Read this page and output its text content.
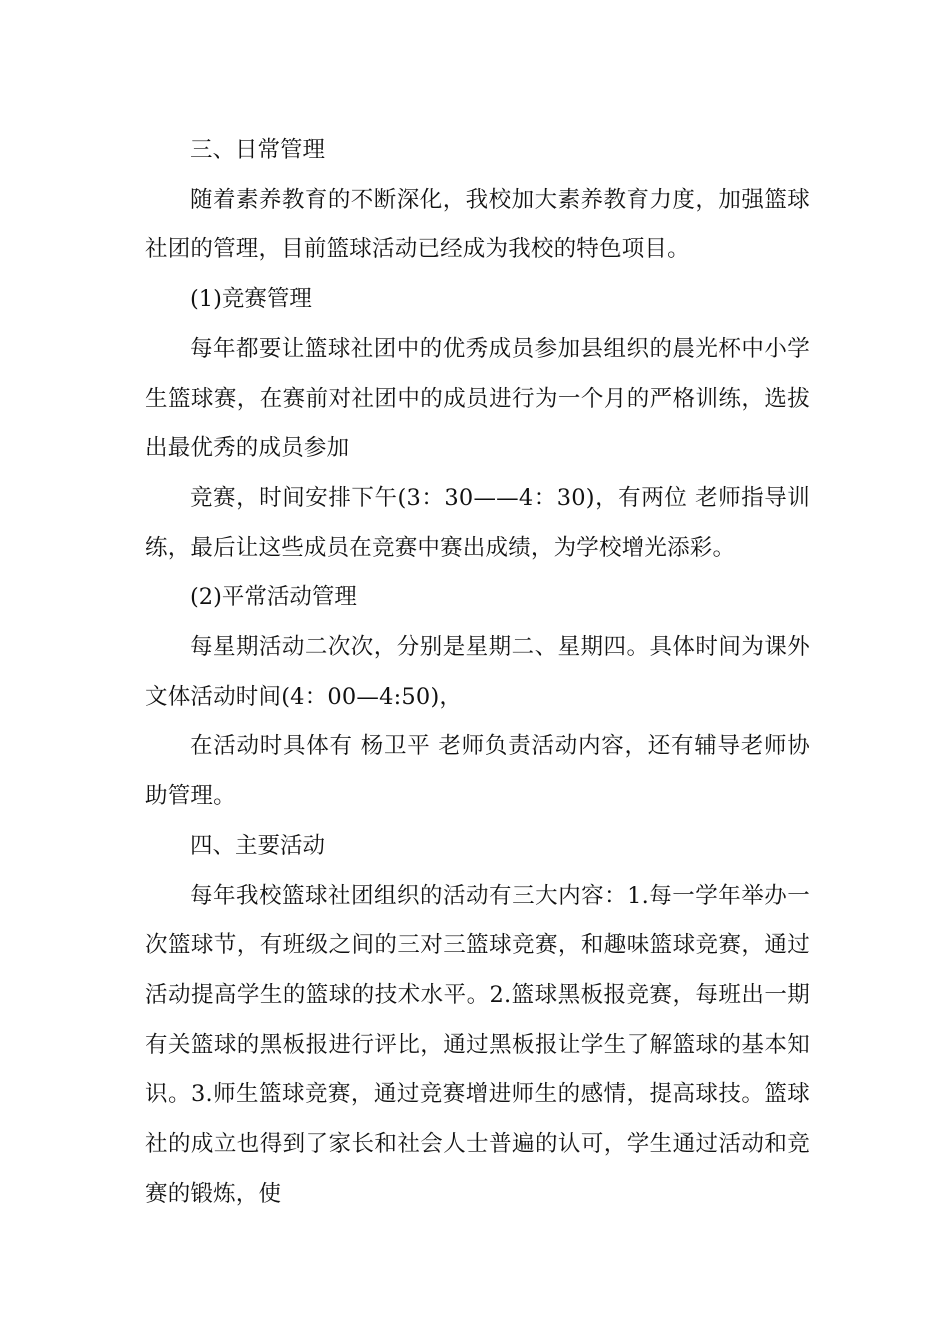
三、日常管理

随着素养教育的不断深化，我校加大素养教育力度，加强篮球社团的管理，目前篮球活动已经成为我校的特色项目。

(1)竞赛管理

每年都要让篮球社团中的优秀成员参加县组织的晨光杯中小学生篮球赛，在赛前对社团中的成员进行为一个月的严格训练，选拔出最优秀的成员参加

竞赛，时间安排下午(3：30——4：30)，有两位 老师指导训练，最后让这些成员在竞赛中赛出成绩，为学校增光添彩。

(2)平常活动管理

每星期活动二次次，分别是星期二、星期四。具体时间为课外文体活动时间(4：00—4:50)，

在活动时具体有 杨卫平 老师负责活动内容，还有辅导老师协助管理。

四、主要活动

每年我校篮球社团组织的活动有三大内容：1.每一学年举办一次篮球节，有班级之间的三对三篮球竞赛，和趣味篮球竞赛，通过活动提高学生的篮球的技术水平。2.篮球黑板报竞赛，每班出一期有关篮球的黑板报进行评比，通过黑板报让学生了解篮球的基本知识。3.师生篮球竞赛，通过竞赛增进师生的感情，提高球技。篮球社的成立也得到了家长和社会人士普遍的认可，学生通过活动和竞赛的锻炼，使
